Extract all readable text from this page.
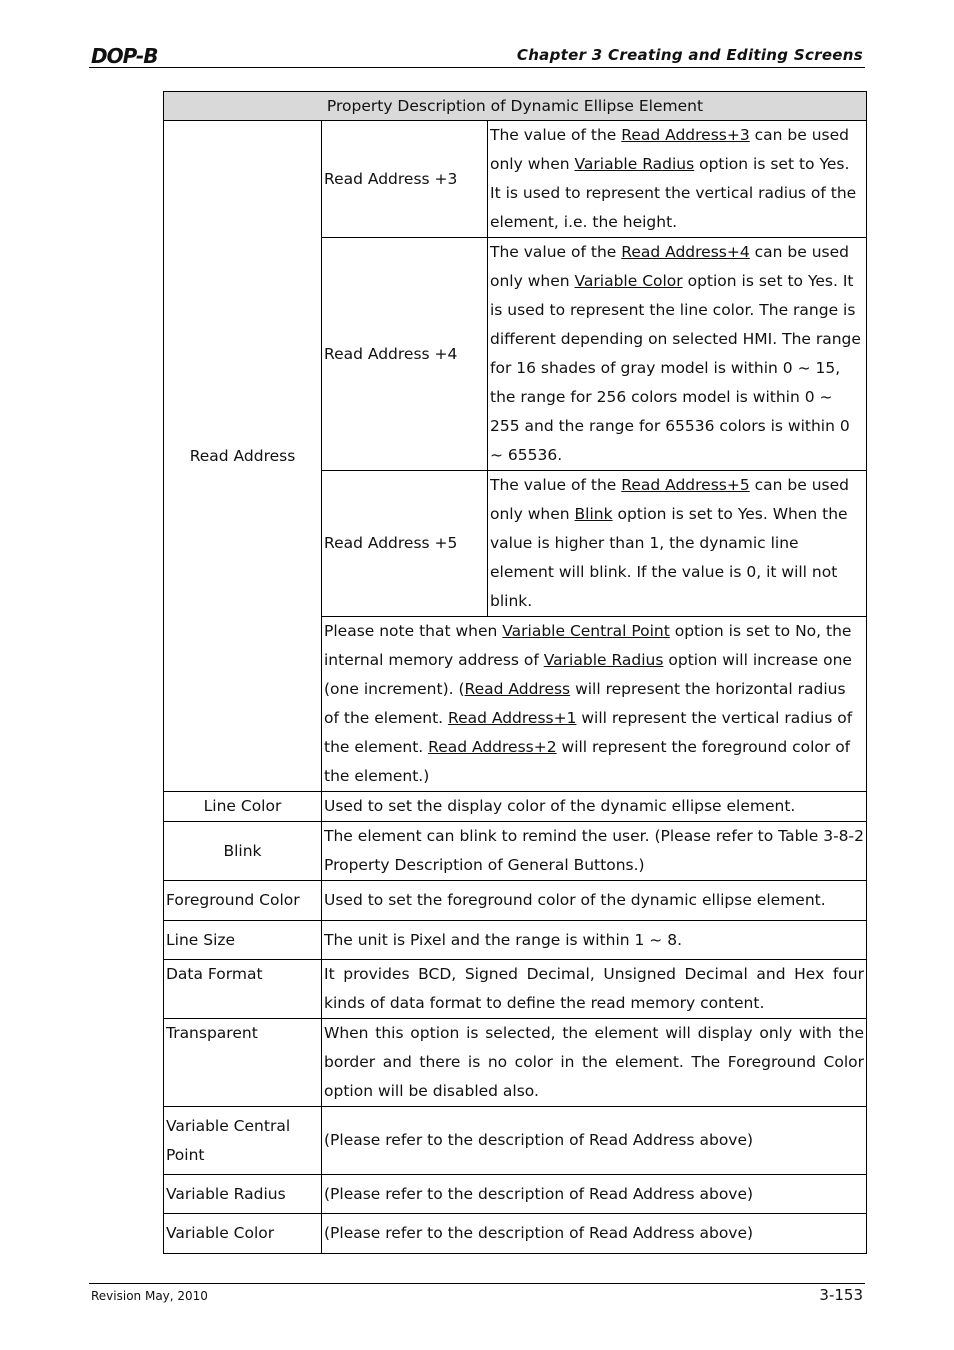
DOP-B	Chapter 3 Creating and Editing Screens
Property Description of Dynamic Ellipse Element		
Read Address	Read Address +3	The value of the Read Address+3 can be used only when Variable Radius option is set to Yes. It is used to represent the vertical radius of the element, i.e. the height.
	Read Address +4	The value of the Read Address+4 can be used only when Variable Color option is set to Yes. It is used to represent the line color. The range is different depending on selected HMI. The range for 16 shades of gray model is within 0 ~ 15, the range for 256 colors model is within 0 ~ 255 and the range for 65536 colors is within 0 ~ 65536.
	Read Address +5	The value of the Read Address+5 can be used only when Blink option is set to Yes. When the value is higher than 1, the dynamic line element will blink. If the value is 0, it will not blink.
	Please note that when Variable Central Point option is set to No, the internal memory address of Variable Radius option will increase one (one increment). (Read Address will represent the horizontal radius of the element. Read Address+1 will represent the vertical radius of the element. Read Address+2 will represent the foreground color of the element.)	
Line Color	Used to set the display color of the dynamic ellipse element.	
Blink	The element can blink to remind the user. (Please refer to Table 3-8-2 Property Description of General Buttons.)	
Foreground Color	Used to set the foreground color of the dynamic ellipse element.	
Line Size	The unit is Pixel and the range is within 1 ~ 8.	
Data Format	It provides BCD, Signed Decimal, Unsigned Decimal and Hex four kinds of data format to define the read memory content.	
Transparent	When this option is selected, the element will display only with the border and there is no color in the element. The Foreground Color option will be disabled also.	
Variable Central Point	(Please refer to the description of Read Address above)	
Variable Radius	(Please refer to the description of Read Address above)	
Variable Color	(Please refer to the description of Read Address above)	
Revision May, 2010	3-153
